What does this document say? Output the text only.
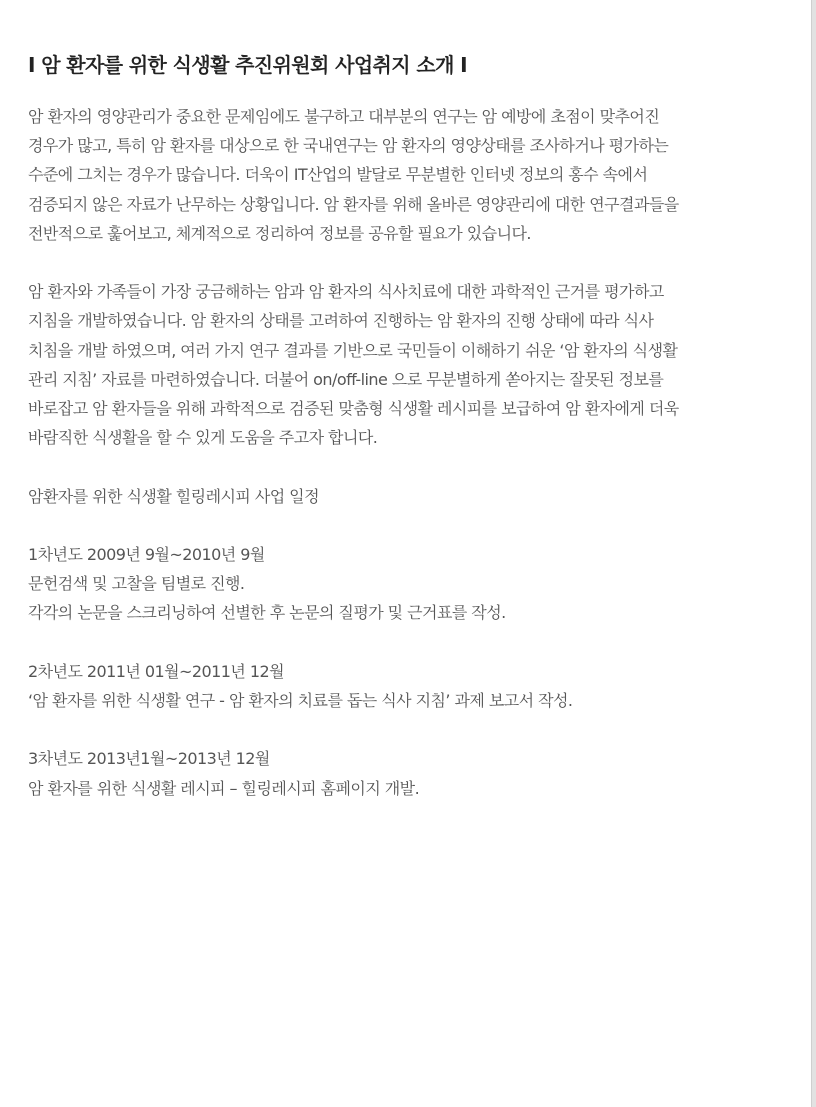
I 암 환자를 위한 식생활 추진위원회 사업취지 소개 I
암 환자의 영양관리가 중요한 문제임에도 불구하고 대부분의 연구는 암 예방에 초점이 맞추어진
경우가 많고, 특히 암 환자를 대상으로 한 국내연구는 암 환자의 영양상태를 조사하거나 평가하는
수준에 그치는 경우가 많습니다. 더욱이 IT산업의 발달로 무분별한 인터넷 정보의 홍수 속에서
검증되지 않은 자료가 난무하는 상황입니다. 암 환자를 위해 올바른 영양관리에 대한 연구결과들을
전반적으로 훑어보고, 체계적으로 정리하여 정보를 공유할 필요가 있습니다.
암 환자와 가족들이 가장 궁금해하는 암과 암 환자의 식사치료에 대한 과학적인 근거를 평가하고
지침을 개발하였습니다. 암 환자의 상태를 고려하여 진행하는 암 환자의 진행 상태에 따라 식사
치침을 개발 하였으며, 여러 가지 연구 결과를 기반으로 국민들이 이해하기 쉬운 ‘암 환자의 식생활
관리 지침’ 자료를 마련하였습니다. 더불어 on/off-line 으로 무분별하게 쏟아지는 잘못된 정보를
바로잡고 암 환자들을 위해 과학적으로 검증된 맞춤형 식생활 레시피를 보급하여 암 환자에게 더욱
바람직한 식생활을 할 수 있게 도움을 주고자 합니다.
암환자를 위한 식생활 힐링레시피 사업 일정
1차년도 2009년 9월~2010년 9월
문헌검색 및 고찰을 팀별로 진행.
각각의 논문을 스크리닝하여 선별한 후 논문의 질평가 및 근거표를 작성.
2차년도 2011년 01월~2011년 12월
‘암 환자를 위한 식생활 연구 - 암 환자의 치료를 돕는 식사 지침’ 과제 보고서 작성.
3차년도 2013년1월~2013년 12월
암 환자를 위한 식생활 레시피 – 힐링레시피 홈페이지 개발.
